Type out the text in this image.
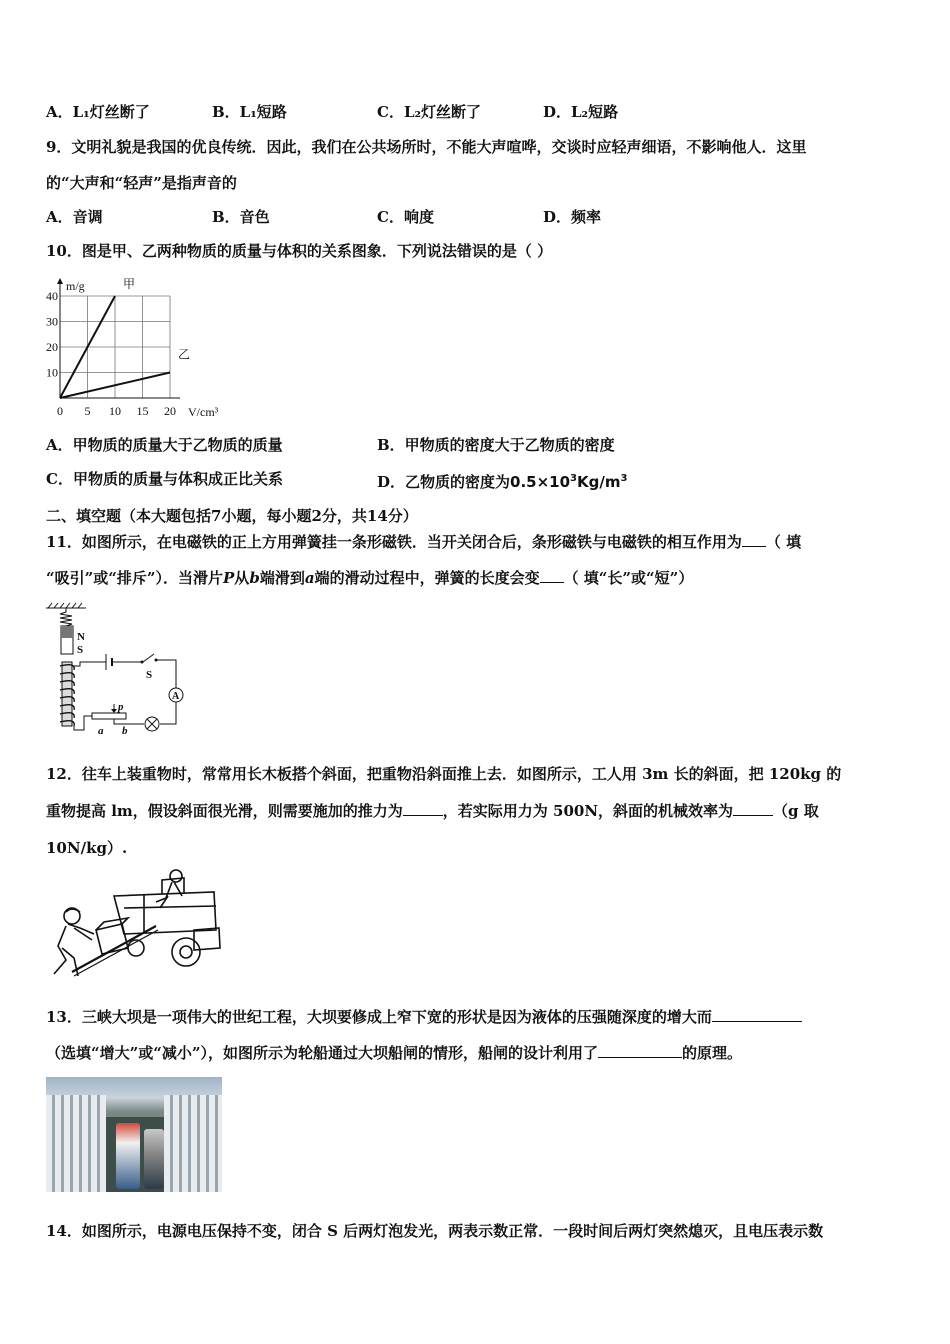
A．L₁灯丝断了	B．L₁短路	C．L₂灯丝断了	D．L₂短路
9．文明礼貌是我国的优良传统．因此，我们在公共场所时，不能大声喧哗，交谈时应轻声细语，不影响他人．这里
的“大声和“轻声”是指声音的
A．音调	B．音色	C．响度	D．频率
10．图是甲、乙两种物质的质量与体积的关系图象．下列说法错误的是（ ）
0 5 10 15 20
10
20
30
40
甲
乙
m/g
V/cm³
A．甲物质的质量大于乙物质的质量	B．甲物质的密度大于乙物质的密度
C．甲物质的质量与体积成正比关系	D．乙物质的密度为$0.5\times 10^3Kg/m^3$
二、填空题（本大题包括7小题，每小题2分，共14分）
11．如图所示，在电磁铁的正上方用弹簧挂一条形磁铁．当开关闭合后，条形磁铁与电磁铁的相互作用为 （ 填
“吸引”或“排斥”）．当滑片P从b端滑到a端的滑动过程中，弹簧的长度会变 （ 填“长”或“短”）
N
S
S
A
p
a b
12．往车上装重物时，常常用长木板搭个斜面，把重物沿斜面推上去．如图所示，工人用 3m 长的斜面，把 120kg 的
重物提高 lm，假设斜面很光滑，则需要施加的推力为	，若实际用力为 500N，斜面的机械效率为	（g 取
10N/kg）.
13．三峡大坝是一项伟大的世纪工程，大坝要修成上窄下宽的形状是因为液体的压强随深度的增大而
（选填“增大”或“减小”），如图所示为轮船通过大坝船闸的情形，船闸的设计利用了	的原理。
14．如图所示，电源电压保持不变，闭合 S 后两灯泡发光，两表示数正常．一段时间后两灯突然熄灭，且电压表示数
